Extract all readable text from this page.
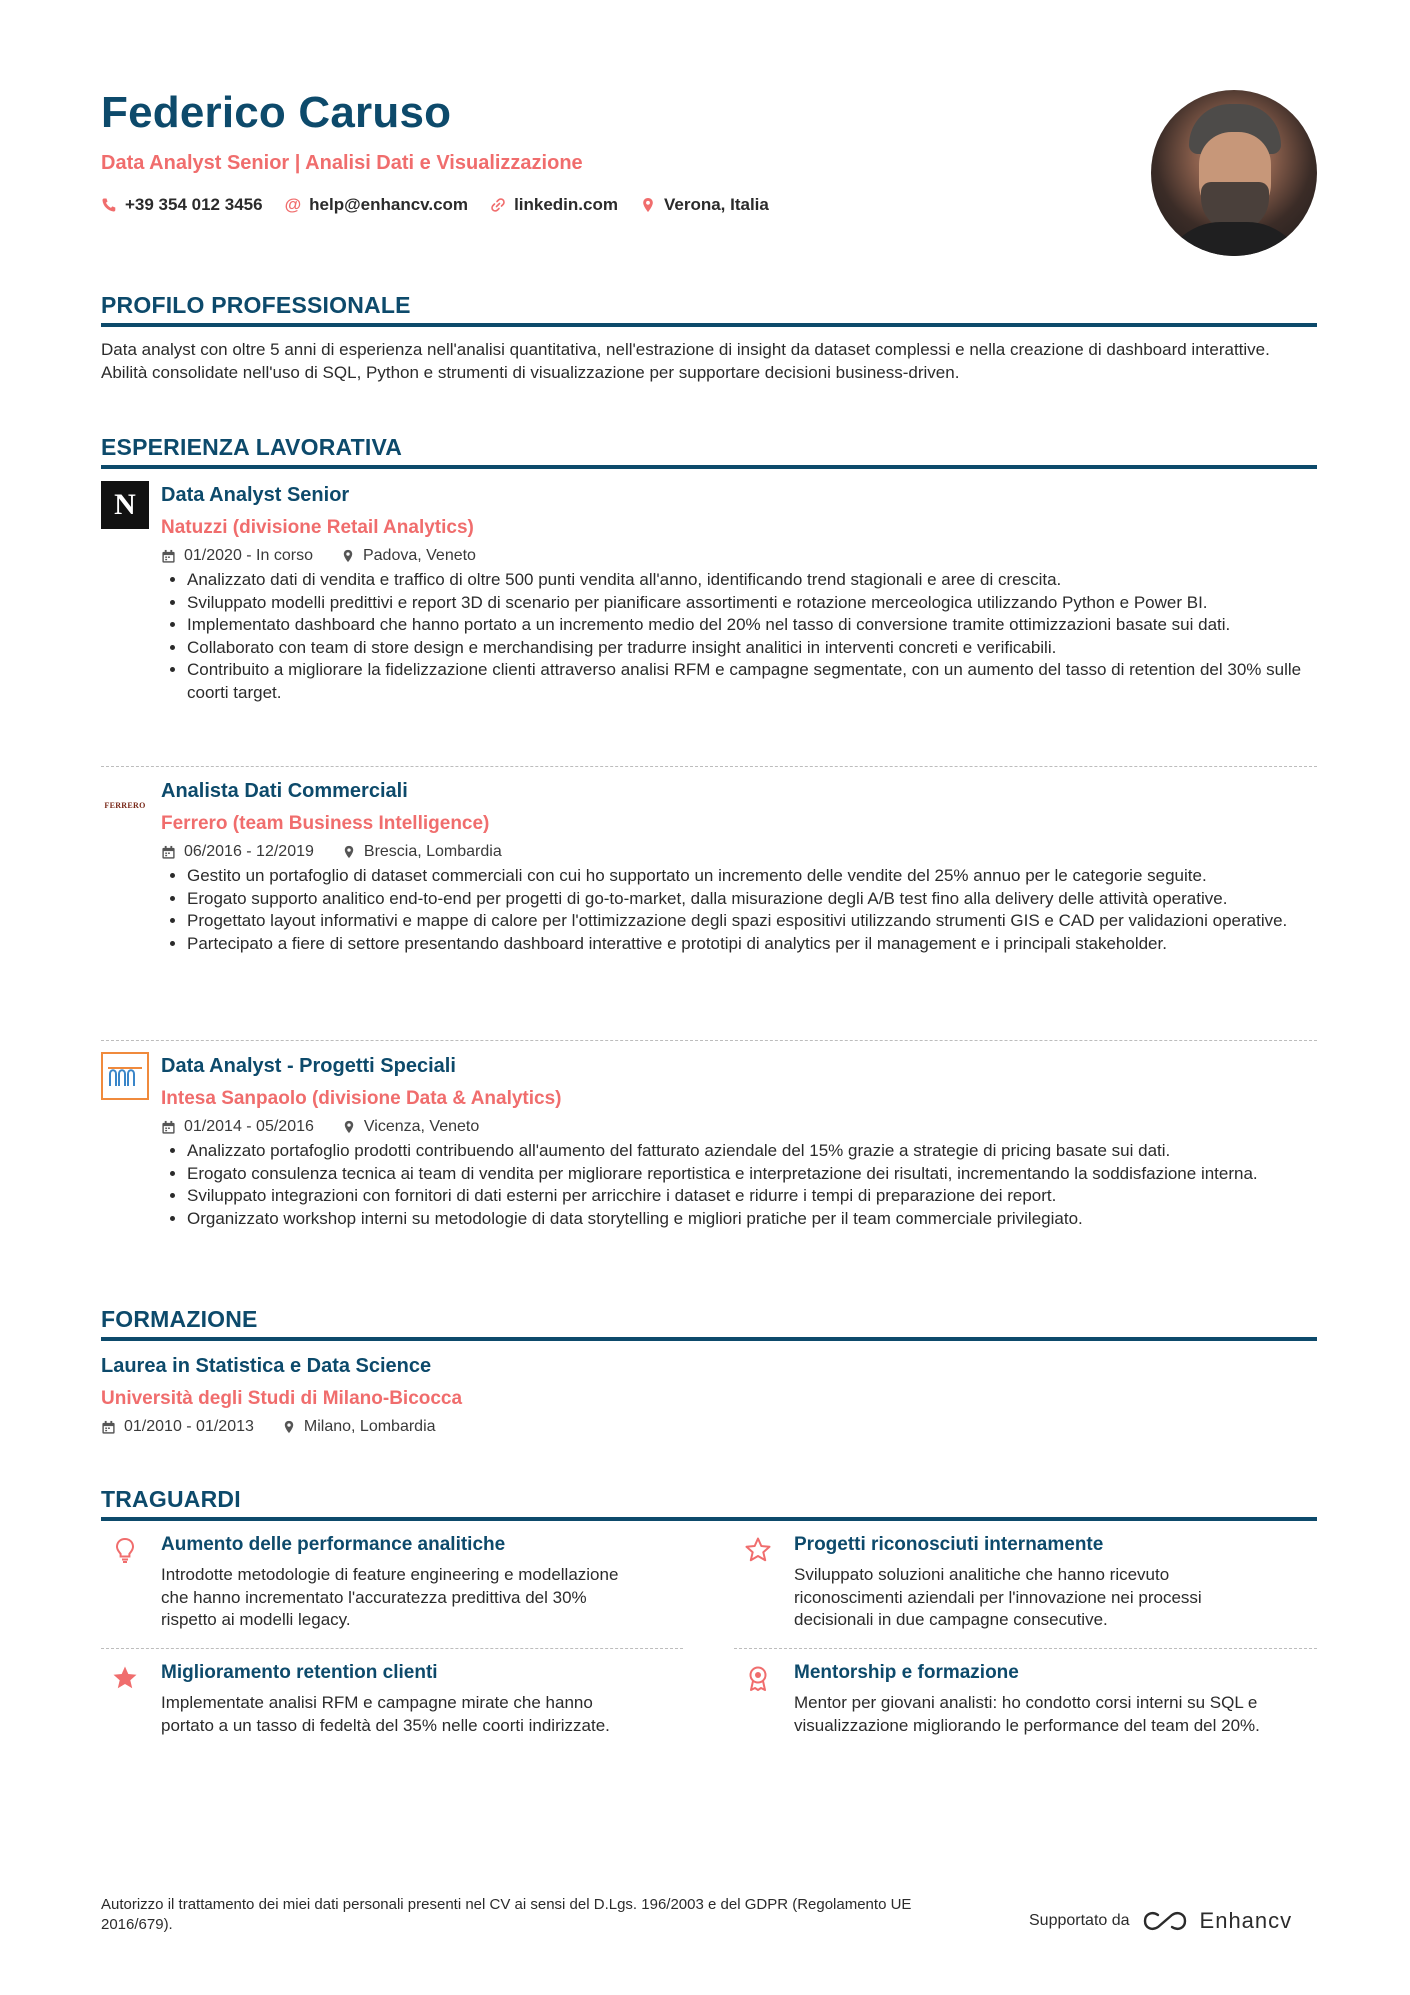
Federico Caruso
Data Analyst Senior | Analisi Dati e Visualizzazione
+39 354 012 3456 @ help@enhancv.com	linkedin.com	Verona, Italia
PROFILO PROFESSIONALE
Data analyst con oltre 5 anni di esperienza nell'analisi quantitativa, nell'estrazione di insight da dataset complessi e nella creazione di dashboard interattive. Abilità consolidate nell'uso di SQL, Python e strumenti di visualizzazione per supportare decisioni business-driven.
ESPERIENZA LAVORATIVA
N Data Analyst Senior
Natuzzi (divisione Retail Analytics)
01/2020 - In corso	Padova, Veneto
• Analizzato dati di vendita e traffico di oltre 500 punti vendita all'anno, identificando trend stagionali e aree di crescita.
• Sviluppato modelli predittivi e report 3D di scenario per pianificare assortimenti e rotazione merceologica utilizzando Python e Power BI.
• Implementato dashboard che hanno portato a un incremento medio del 20% nel tasso di conversione tramite ottimizzazioni basate sui dati.
• Collaborato con team di store design e merchandising per tradurre insight analitici in interventi concreti e verificabili.
• Contribuito a migliorare la fidelizzazione clienti attraverso analisi RFM e campagne segmentate, con un aumento del tasso di retention del 30% sulle coorti target.
FERRERO
Analista Dati Commerciali
Ferrero (team Business Intelligence)
06/2016 - 12/2019	Brescia, Lombardia
• Gestito un portafoglio di dataset commerciali con cui ho supportato un incremento delle vendite del 25% annuo per le categorie seguite.
• Erogato supporto analitico end-to-end per progetti di go-to-market, dalla misurazione degli A/B test fino alla delivery delle attività operative.
• Progettato layout informativi e mappe di calore per l'ottimizzazione degli spazi espositivi utilizzando strumenti GIS e CAD per validazioni operative.
• Partecipato a fiere di settore presentando dashboard interattive e prototipi di analytics per il management e i principali stakeholder.
Data Analyst - Progetti Speciali
Intesa Sanpaolo (divisione Data & Analytics)
01/2014 - 05/2016	Vicenza, Veneto
• Analizzato portafoglio prodotti contribuendo all'aumento del fatturato aziendale del 15% grazie a strategie di pricing basate sui dati.
• Erogato consulenza tecnica ai team di vendita per migliorare reportistica e interpretazione dei risultati, incrementando la soddisfazione interna.
• Sviluppato integrazioni con fornitori di dati esterni per arricchire i dataset e ridurre i tempi di preparazione dei report.
• Organizzato workshop interni su metodologie di data storytelling e migliori pratiche per il team commerciale privilegiato.
FORMAZIONE
Laurea in Statistica e Data Science
Università degli Studi di Milano-Bicocca
01/2010 - 01/2013	Milano, Lombardia
TRAGUARDI
Aumento delle performance analitiche
Introdotte metodologie di feature engineering e modellazione che hanno incrementato l'accuratezza predittiva del 30% rispetto ai modelli legacy.
Progetti riconosciuti internamente
Sviluppato soluzioni analitiche che hanno ricevuto riconoscimenti aziendali per l'innovazione nei processi decisionali in due campagne consecutive.
Miglioramento retention clienti
Implementate analisi RFM e campagne mirate che hanno portato a un tasso di fedeltà del 35% nelle coorti indirizzate.
Mentorship e formazione
Mentor per giovani analisti: ho condotto corsi interni su SQL e visualizzazione migliorando le performance del team del 20%.
Autorizzo il trattamento dei miei dati personali presenti nel CV ai sensi del D.Lgs. 196/2003 e del GDPR (Regolamento UE 2016/679).	Supportato da	Enhancv
